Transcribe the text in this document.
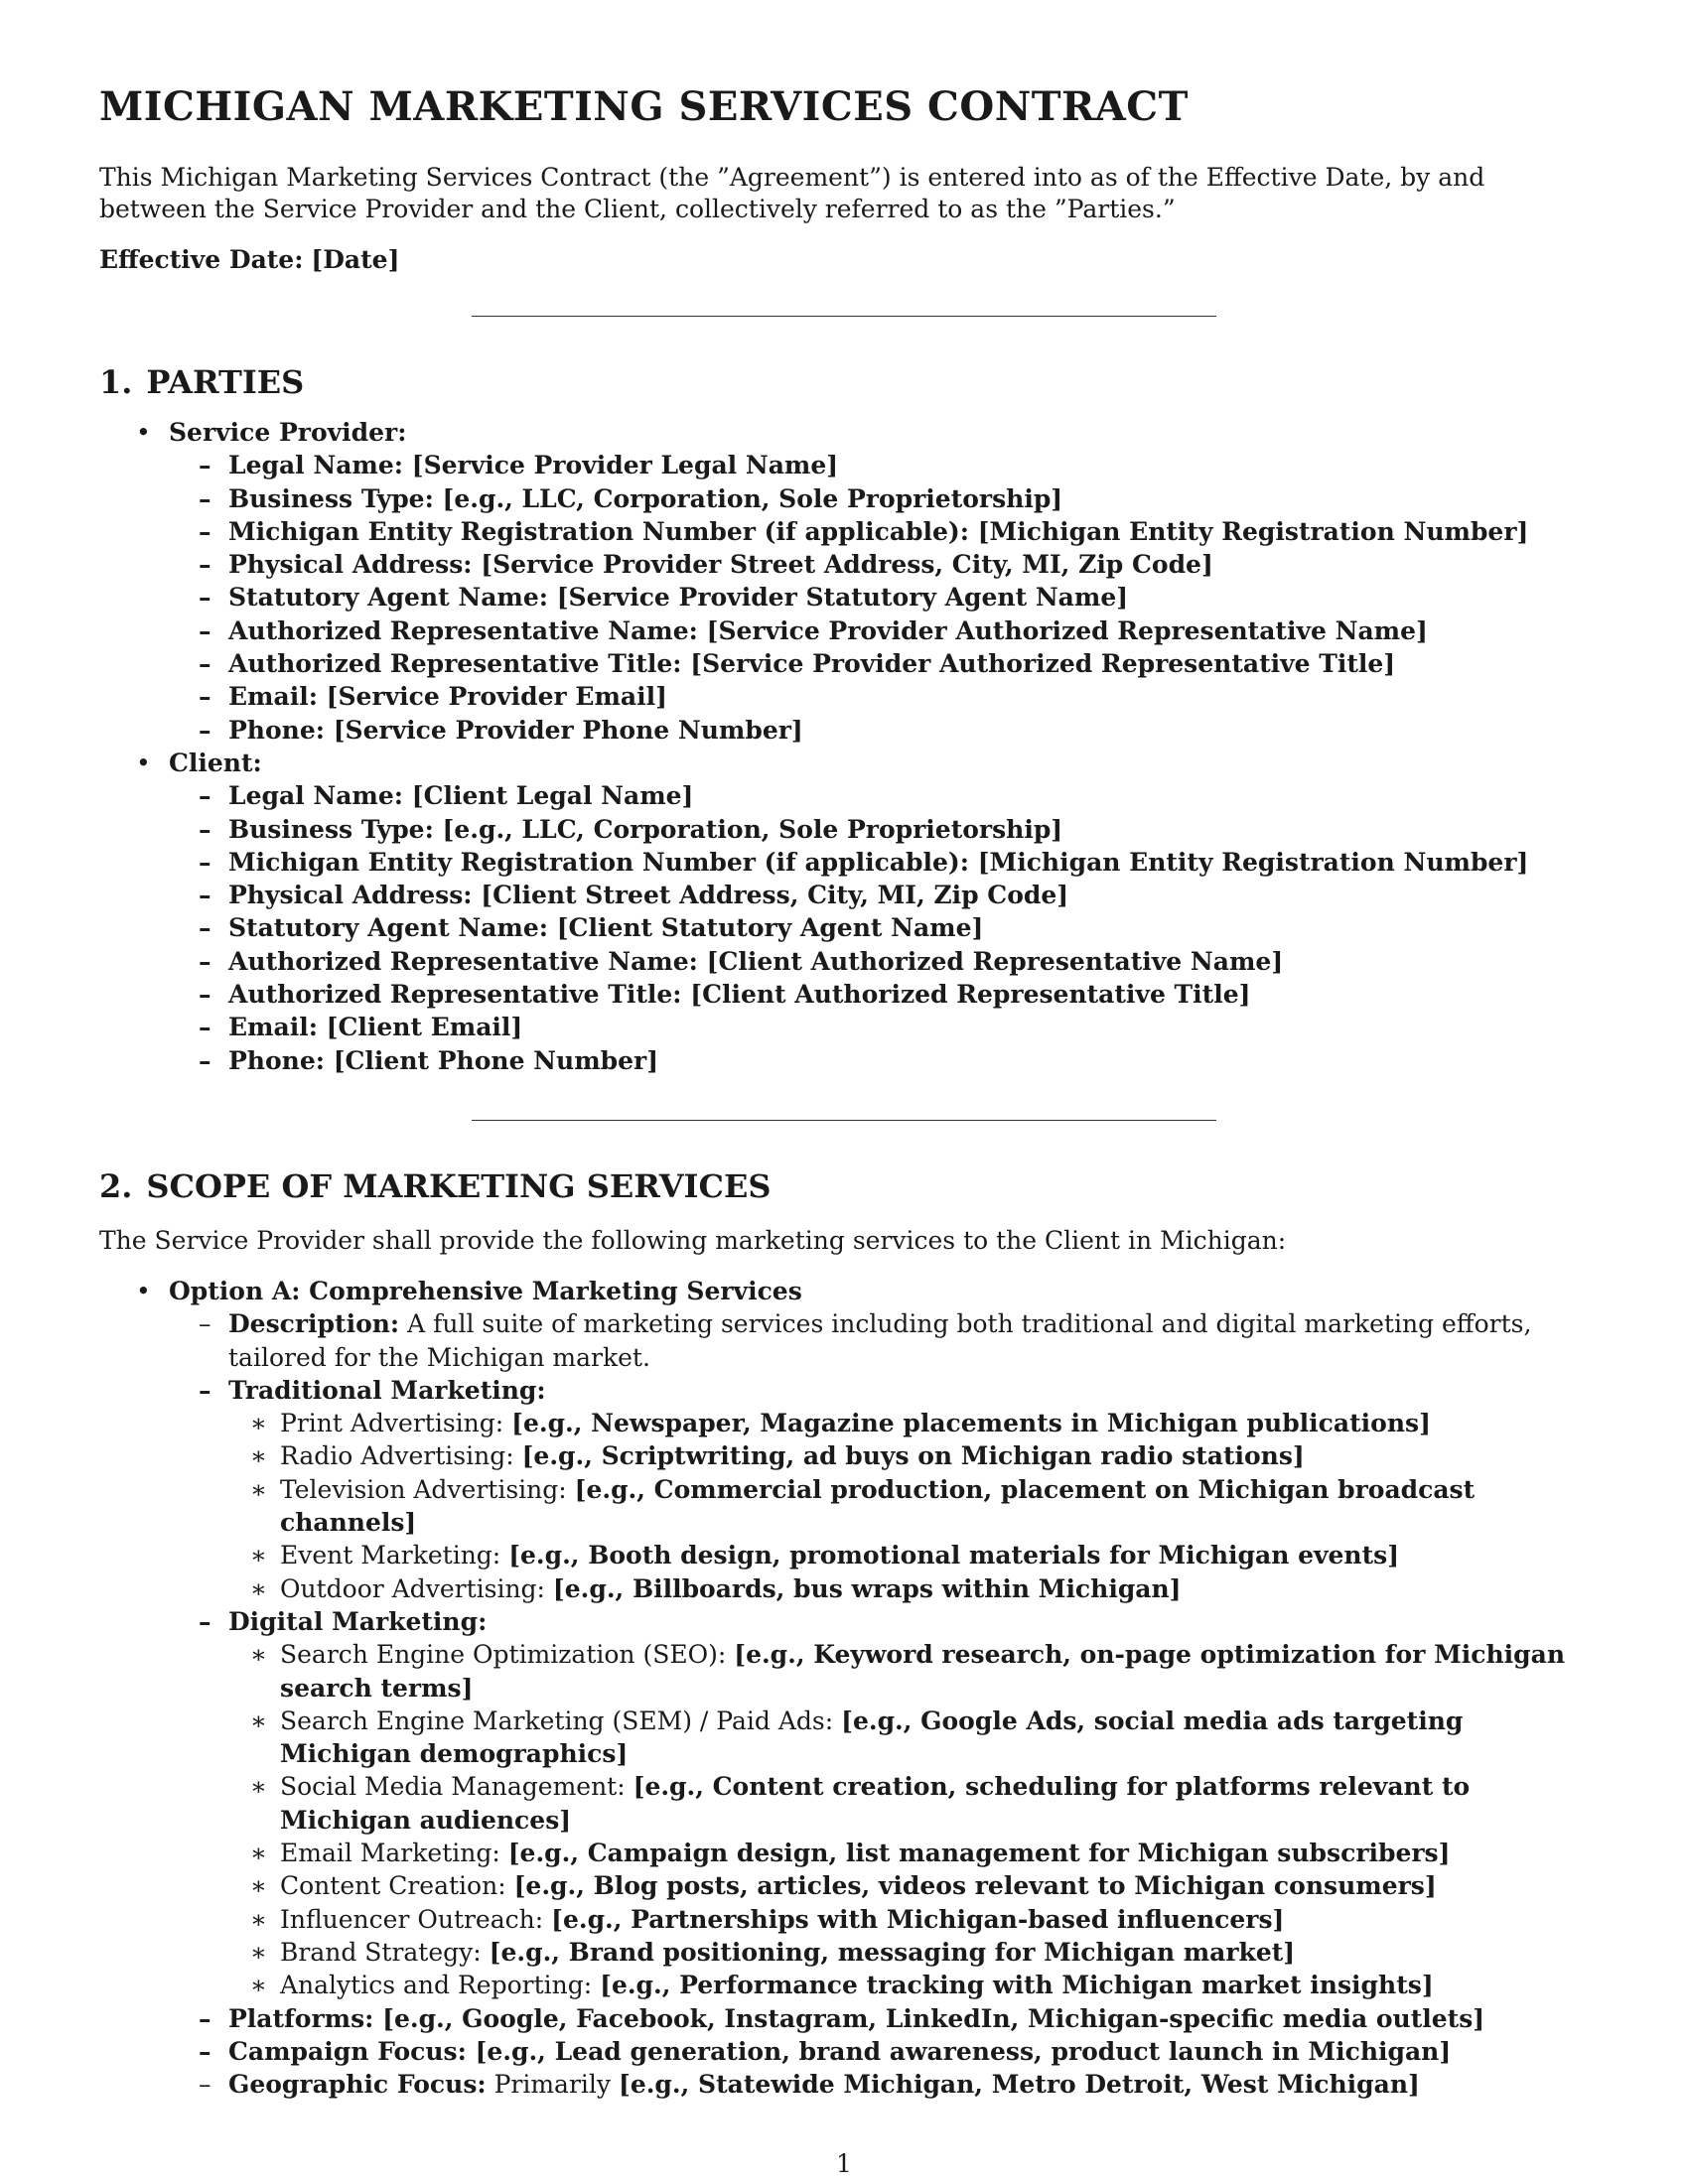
MICHIGAN MARKETING SERVICES CONTRACT

This Michigan Marketing Services Contract (the ”Agreement”) is entered into as of the Effective Date, by and between the Service Provider and the Client, collectively referred to as the ”Parties.”

Effective Date: [Date]

1. PARTIES
• Service Provider:
– Legal Name: [Service Provider Legal Name]
– Business Type: [e.g., LLC, Corporation, Sole Proprietorship]
– Michigan Entity Registration Number (if applicable): [Michigan Entity Registration Number]
– Physical Address: [Service Provider Street Address, City, MI, Zip Code]
– Statutory Agent Name: [Service Provider Statutory Agent Name]
– Authorized Representative Name: [Service Provider Authorized Representative Name]
– Authorized Representative Title: [Service Provider Authorized Representative Title]
– Email: [Service Provider Email]
– Phone: [Service Provider Phone Number]
• Client:
– Legal Name: [Client Legal Name]
– Business Type: [e.g., LLC, Corporation, Sole Proprietorship]
– Michigan Entity Registration Number (if applicable): [Michigan Entity Registration Number]
– Physical Address: [Client Street Address, City, MI, Zip Code]
– Statutory Agent Name: [Client Statutory Agent Name]
– Authorized Representative Name: [Client Authorized Representative Name]
– Authorized Representative Title: [Client Authorized Representative Title]
– Email: [Client Email]
– Phone: [Client Phone Number]
2. SCOPE OF MARKETING SERVICES

The Service Provider shall provide the following marketing services to the Client in Michigan:

• Option A: Comprehensive Marketing Services
– Description: A full suite of marketing services including both traditional and digital marketing efforts, tailored for the Michigan market.
– Traditional Marketing:
∗ Print Advertising: [e.g., Newspaper, Magazine placements in Michigan publications]
∗ Radio Advertising: [e.g., Scriptwriting, ad buys on Michigan radio stations]
∗ Television Advertising: [e.g., Commercial production, placement on Michigan broadcast channels]
∗ Event Marketing: [e.g., Booth design, promotional materials for Michigan events]
∗ Outdoor Advertising: [e.g., Billboards, bus wraps within Michigan]
– Digital Marketing:
∗ Search Engine Optimization (SEO): [e.g., Keyword research, on-page optimization for Michigan search terms]
∗ Search Engine Marketing (SEM) / Paid Ads: [e.g., Google Ads, social media ads targeting Michigan demographics]
∗ Social Media Management: [e.g., Content creation, scheduling for platforms relevant to Michigan audiences]
∗ Email Marketing: [e.g., Campaign design, list management for Michigan subscribers]
∗ Content Creation: [e.g., Blog posts, articles, videos relevant to Michigan consumers]
∗ Influencer Outreach: [e.g., Partnerships with Michigan-based influencers]
∗ Brand Strategy: [e.g., Brand positioning, messaging for Michigan market]
∗ Analytics and Reporting: [e.g., Performance tracking with Michigan market insights]
– Platforms: [e.g., Google, Facebook, Instagram, LinkedIn, Michigan-specific media outlets]
– Campaign Focus: [e.g., Lead generation, brand awareness, product launch in Michigan]
– Geographic Focus: Primarily [e.g., Statewide Michigan, Metro Detroit, West Michigan]
1
